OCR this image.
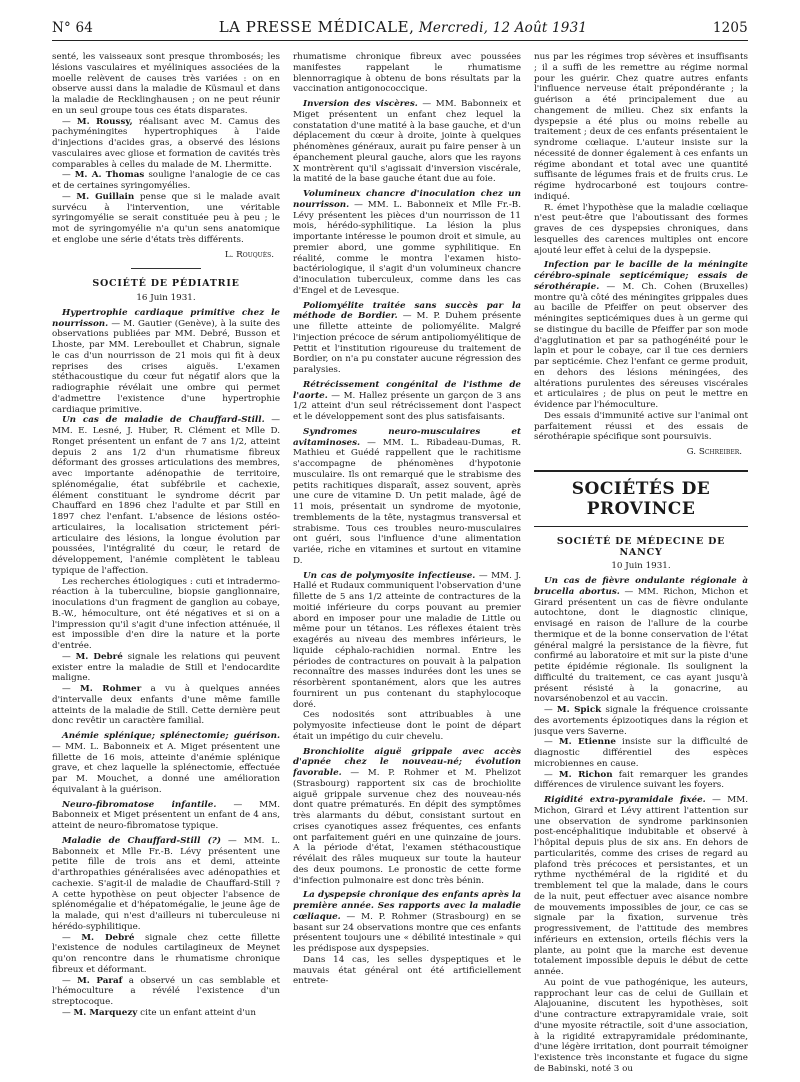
N° 64	LA PRESSE MÉDICALE, Mercredi, 12 Août 1931	1205

senté, les vaisseaux sont presque thrombosés; les lésions vasculaires et myéliniques associées de la moelle relèvent de causes très variées : on en observe aussi dans la maladie de Küsmaul et dans la maladie de Recklinghausen ; on ne peut réunir en un seul groupe tous ces états disparates.

— M. Roussy, réalisant avec M. Camus des pachyméningites hypertrophiques à l'aide d'injections d'acides gras, a observé des lésions vasculaires avec gliose et formation de cavités très comparables à celles du malade de M. Lhermitte.

— M. A. Thomas souligne l'analogie de ce cas et de certaines syringomyélies.

— M. Guillain pense que si le malade avait survécu à l'intervention, une véritable syringomyélie se serait constituée peu à peu ; le mot de syringomyélie n'a qu'un sens anatomique et englobe une série d'états très différents.

L. Rouquès.

SOCIÉTÉ DE PÉDIATRIE

16 Juin 1931.

Hypertrophie cardiaque primitive chez le nourrisson. — M. Gautier (Genève), à la suite des observations publiées par MM. Debré, Busson et Lhoste, par MM. Lereboullet et Chabrun, signale le cas d'un nourrisson de 21 mois qui fit à deux reprises des crises aiguës. L'examen stéthacoustique du cœur fut négatif alors que la radiographie révélait une ombre qui permet d'admettre l'existence d'une hypertrophie cardiaque primitive.

Un cas de maladie de Chauffard-Still. — MM. E. Lesné, J. Huber, R. Clément et Mlle D. Ronget présentent un enfant de 7 ans 1/2, atteint depuis 2 ans 1/2 d'un rhumatisme fibreux déformant des grosses articulations des membres, avec importante adénopathie de territoire, splénomégalie, état subfébrile et cachexie, élément constituant le syndrome décrit par Chauffard en 1896 chez l'adulte et par Still en 1897 chez l'enfant. L'absence de lésions ostéo-articulaires, la localisation strictement péri-articulaire des lésions, la longue évolution par poussées, l'intégralité du cœur, le retard de développement, l'anémie complètent le tableau typique de l'affection.

Les recherches étiologiques : cuti et intradermo-réaction à la tuberculine, biopsie ganglionnaire, inoculations d'un fragment de ganglion au cobaye, B.-W., hémoculture, ont été négatives et si on a l'impression qu'il s'agit d'une infection atténuée, il est impossible d'en dire la nature et la porte d'entrée.

— M. Debré signale les relations qui peuvent exister entre la maladie de Still et l'endocardite maligne.

— M. Rohmer a vu à quelques années d'intervalle deux enfants d'une même famille atteints de la maladie de Still. Cette dernière peut donc revêtir un caractère familial.

Anémie splénique; splénectomie; guérison. — MM. L. Babonneix et A. Miget présentent une fillette de 16 mois, atteinte d'anémie splénique grave, et chez laquelle la splénectomie, effectuée par M. Mouchet, a donné une amélioration équivalant à la guérison.

Neuro-fibromatose infantile. — MM. Babonneix et Miget présentent un enfant de 4 ans, atteint de neuro-fibromatose typique.

Maladie de Chauffard-Still (?) — MM. L. Babonneix et Mlle Fr.-B. Lévy présentent une petite fille de trois ans et demi, atteinte d'arthropathies généralisées avec adénopathies et cachexie. S'agit-il de maladie de Chauffard-Still ? A cette hypothèse on peut objecter l'absence de splénomégalie et d'hépatomégalie, le jeune âge de la malade, qui n'est d'ailleurs ni tuberculeuse ni hérédo-syphilitique.

— M. Debré signale chez cette fillette l'existence de nodules cartilagineux de Meynet qu'on rencontre dans le rhumatisme chronique fibreux et déformant.

— M. Paraf a observé un cas semblable et l'hémoculture a révélé l'existence d'un streptocoque.

— M. Marquezy cite un enfant atteint d'un

rhumatisme chronique fibreux avec poussées manifestes rappelant le rhumatisme blennorragique à obtenu de bons résultats par la vaccination antigonococcique.

Inversion des viscères. — MM. Babonneix et Miget présentent un enfant chez lequel la constatation d'une matité à la base gauche, et d'un déplacement du cœur à droite, jointe à quelques phénomènes généraux, aurait pu faire penser à un épanchement pleural gauche, alors que les rayons X montrèrent qu'il s'agissait d'inversion viscérale, la matité de la base gauche étant due au foie.

Volumineux chancre d'inoculation chez un nourrisson. — MM. L. Babonneix et Mlle Fr.-B. Lévy présentent les pièces d'un nourrisson de 11 mois, hérédo-syphilitique. La lésion la plus importante intéresse le poumon droit et simule, au premier abord, une gomme syphilitique. En réalité, comme le montra l'examen histo-bactériologique, il s'agit d'un volumineux chancre d'inoculation tuberculeux, comme dans les cas d'Engel et de Levesque.

Poliomyélite traitée sans succès par la méthode de Bordier. — M. P. Duhem présente une fillette atteinte de poliomyélite. Malgré l'injection précoce de sérum antipoliomyélitique de Pettit et l'institution rigoureuse du traitement de Bordier, on n'a pu constater aucune régression des paralysies.

Rétrécissement congénital de l'isthme de l'aorte. — M. Hallez présente un garçon de 3 ans 1/2 atteint d'un seul rétrécissement dont l'aspect et le développement sont des plus satisfaisants.

Syndromes neuro-musculaires et avitaminoses. — MM. L. Ribadeau-Dumas, R. Mathieu et Guédé rappellent que le rachitisme s'accompagne de phénomènes d'hypotonie musculaire. Ils ont remarqué que le strabisme des petits rachitiques disparaît, assez souvent, après une cure de vitamine D. Un petit malade, âgé de 11 mois, présentait un syndrome de myotonie, tremblements de la tête, nystagmus transversal et strabisme. Tous ces troubles neuro-musculaires ont guéri, sous l'influence d'une alimentation variée, riche en vitamines et surtout en vitamine D.

Un cas de polymyosite infectieuse. — MM. J. Hallé et Rudaux communiquent l'observation d'une fillette de 5 ans 1/2 atteinte de contractures de la moitié inférieure du corps pouvant au premier abord en imposer pour une maladie de Little ou même pour un tétanos. Les réflexes étaient très exagérés au niveau des membres inférieurs, le liquide céphalo-rachidien normal. Entre les périodes de contractures on pouvait à la palpation reconnaître des masses indurées dont les unes se résorbèrent spontanément, alors que les autres fournirent un pus contenant du staphylocoque doré.

Ces nodosités sont attribuables à une polymyosite infectieuse dont le point de départ était un impétigo du cuir chevelu.

Bronchiolite aiguë grippale avec accès d'apnée chez le nouveau-né; évolution favorable. — M. P. Rohmer et M. Phelizot (Strasbourg) rapportent six cas de brochiolite aiguë grippale survenue chez des nouveau-nés dont quatre prématurés. En dépit des symptômes très alarmants du début, consistant surtout en crises cyanotiques assez fréquentes, ces enfants ont parfaitement guéri en une quinzaine de jours. A la période d'état, l'examen stéthacoustique révélait des râles muqueux sur toute la hauteur des deux poumons. Le pronostic de cette forme d'infection pulmonaire est donc très bénin.

La dyspepsie chronique des enfants après la première année. Ses rapports avec la maladie cœliaque. — M. P. Rohmer (Strasbourg) en se basant sur 24 observations montre que ces enfants présentent toujours une « débilité intestinale » qui les prédispose aux dyspepsies.

Dans 14 cas, les selles dyspeptiques et le mauvais état général ont été artificiellement entrete-

nus par les régimes trop sévères et insuffisants ; il a suffi de les remettre au régime normal pour les guérir. Chez quatre autres enfants l'influence nerveuse était prépondérante ; la guérison a été principalement due au changement de milieu. Chez six enfants la dyspepsie a été plus ou moins rebelle au traitement ; deux de ces enfants présentaient le syndrome cœliaque. L'auteur insiste sur la nécessité de donner également à ces enfants un régime abondant et total avec une quantité suffisante de légumes frais et de fruits crus. Le régime hydrocarboné est toujours contre-indiqué.

R. émet l'hypothèse que la maladie cœliaque n'est peut-être que l'aboutissant des formes graves de ces dyspepsies chroniques, dans lesquelles des carences multiples ont encore ajouté leur effet à celui de la dyspepsie.

Infection par le bacille de la méningite cérébro-spinale septicémique; essais de sérothérapie. — M. Ch. Cohen (Bruxelles) montre qu'à côté des méningites grippales dues au bacille de Pfeiffer on peut observer des méningites septicémiques dues à un germe qui se distingue du bacille de Pfeiffer par son mode d'agglutination et par sa pathogénéité pour le lapin et pour le cobaye, car il tue ces derniers par septicémie. Chez l'enfant ce germe produit, en dehors des lésions méningées, des altérations purulentes des séreuses viscérales et articulaires ; de plus on peut le mettre en évidence par l'hémoculture.

Des essais d'immunité active sur l'animal ont parfaitement réussi et des essais de sérothérapie spécifique sont poursuivis.

G. Schreiber.

SOCIÉTÉS DE PROVINCE
SOCIÉTÉ DE MÉDECINE DE NANCY

10 Juin 1931.

Un cas de fièvre ondulante régionale à brucella abortus. — MM. Richon, Michon et Girard présentent un cas de fièvre ondulante autochtone, dont le diagnostic clinique, envisagé en raison de l'allure de la courbe thermique et de la bonne conservation de l'état général malgré la persistance de la fièvre, fut confirmé au laboratoire et mit sur la piste d'une petite épidémie régionale. Ils soulignent la difficulté du traitement, ce cas ayant jusqu'à présent résisté à la gonacrine, au novarsénobenzol et au vaccin.

— M. Spick signale la fréquence croissante des avortements épizootiques dans la région et jusque vers Saverne.

— M. Etienne insiste sur la difficulté de diagnostic différentiel des espèces microbiennes en cause.

— M. Richon fait remarquer les grandes différences de virulence suivant les foyers.

Rigidité extra-pyramidale fixée. — MM. Michon, Girard et Lévy attirent l'attention sur une observation de syndrome parkinsonien post-encéphalitique indubitable et observé à l'hôpital depuis plus de six ans. En dehors de particularités, comme des crises de regard au plafond très précoces et persistantes, et un rythme nycthéméral de la rigidité et du tremblement tel que la malade, dans le cours de la nuit, peut effectuer avec aisance nombre de mouvements impossibles de jour, ce cas se signale par la fixation, survenue très progressivement, de l'attitude des membres inférieurs en extension, orteils fléchis vers la plante, au point que la marche est devenue totalement impossible depuis le début de cette année.

Au point de vue pathogénique, les auteurs, rapprochant leur cas de celui de Guillain et Alajouanine, discutent les hypothèses, soit d'une contracture extrapyramidale vraie, soit d'une myosite rétractile, soit d'une association, à la rigidité extrapyramidale prédominante, d'une légère irritation, dont pourrait témoigner l'existence très inconstante et fugace du signe de Babinski, noté 3 ou
